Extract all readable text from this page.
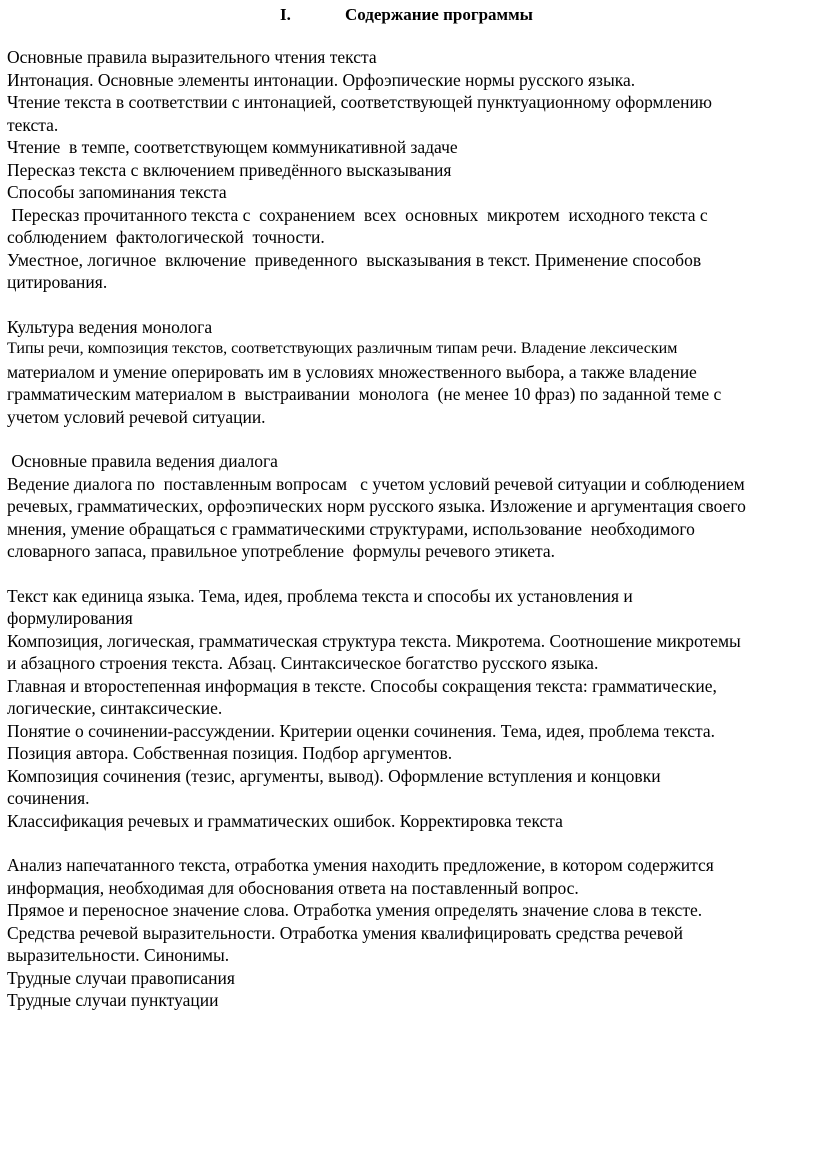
I.	Содержание программы
Основные правила выразительного чтения текста
Интонация. Основные элементы интонации. Орфоэпические нормы русского языка.
Чтение текста в соответствии с интонацией, соответствующей пунктуационному оформлению
текста.
Чтение  в темпе, соответствующем коммуникативной задаче
Пересказ текста с включением приведённого высказывания
Способы запоминания текста
Пересказ прочитанного текста с  сохранением  всех  основных  микротем  исходного текста с
соблюдением  фактологической  точности.
Уместное, логичное  включение  приведенного  высказывания в текст. Применение способов
цитирования.
Культура ведения монолога
Типы речи, композиция текстов, соответствующих различным типам речи. Владение лексическим
материалом и умение оперировать им в условиях множественного выбора, а также владение
грамматическим материалом в  выстраивании  монолога  (не менее 10 фраз) по заданной теме с
учетом условий речевой ситуации.
Основные правила ведения диалога
Ведение диалога по  поставленным вопросам   с учетом условий речевой ситуации и соблюдением
речевых, грамматических, орфоэпических норм русского языка. Изложение и аргументация своего
мнения, умение обращаться с грамматическими структурами, использование  необходимого
словарного запаса, правильное употребление  формулы речевого этикета.
Текст как единица языка. Тема, идея, проблема текста и способы их установления и
формулирования
Композиция, логическая, грамматическая структура текста. Микротема. Соотношение микротемы
и абзацного строения текста. Абзац. Синтаксическое богатство русского языка.
Главная и второстепенная информация в тексте. Способы сокращения текста: грамматические,
логические, синтаксические.
Понятие о сочинении-рассуждении. Критерии оценки сочинения. Тема, идея, проблема текста.
Позиция автора. Собственная позиция. Подбор аргументов.
Композиция сочинения (тезис, аргументы, вывод). Оформление вступления и концовки
сочинения.
Классификация речевых и грамматических ошибок. Корректировка текста
Анализ напечатанного текста, отработка умения находить предложение, в котором содержится
информация, необходимая для обоснования ответа на поставленный вопрос.
Прямое и переносное значение слова. Отработка умения определять значение слова в тексте.
Средства речевой выразительности. Отработка умения квалифицировать средства речевой
выразительности. Синонимы.
Трудные случаи правописания
Трудные случаи пунктуации
